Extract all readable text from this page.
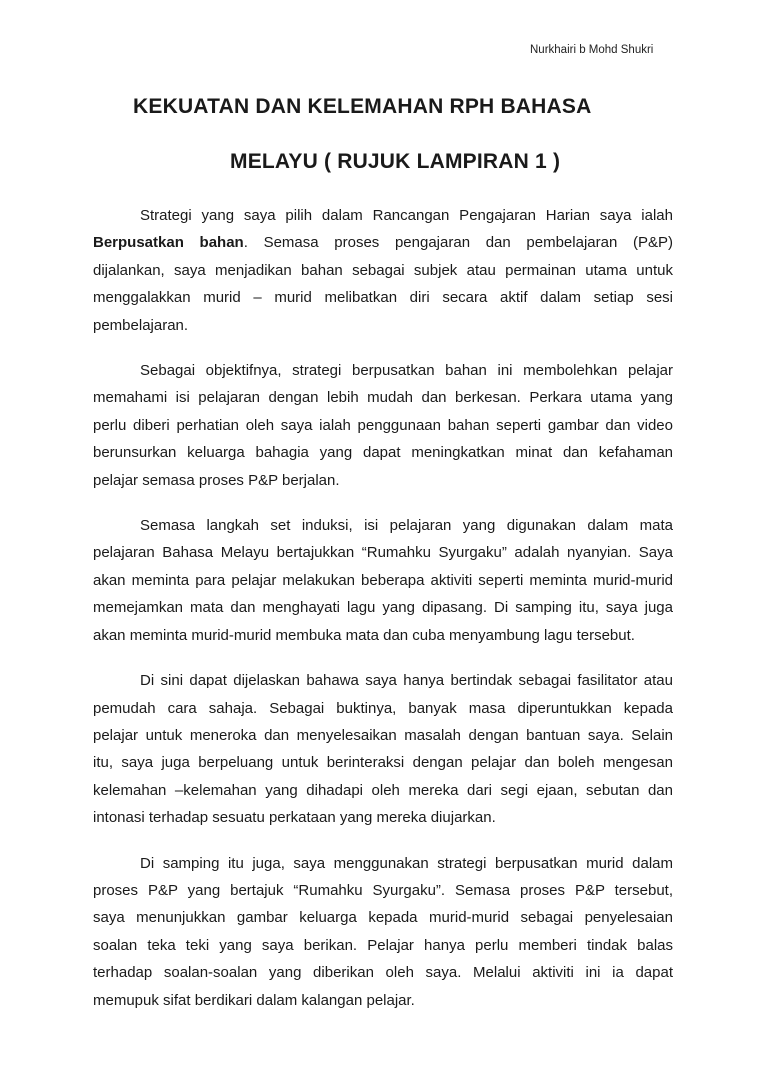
Nurkhairi b Mohd Shukri
KEKUATAN DAN KELEMAHAN RPH BAHASA
MELAYU ( RUJUK LAMPIRAN 1 )
Strategi yang saya pilih dalam Rancangan Pengajaran Harian saya ialah
Berpusatkan bahan. Semasa proses pengajaran dan pembelajaran (P&P)
dijalankan, saya menjadikan bahan sebagai subjek atau permainan utama untuk
menggalakkan murid – murid melibatkan diri secara aktif dalam setiap sesi
pembelajaran.
Sebagai objektifnya, strategi berpusatkan bahan ini membolehkan pelajar
memahami isi pelajaran dengan lebih mudah dan berkesan. Perkara utama yang
perlu diberi perhatian oleh saya ialah penggunaan bahan seperti gambar dan video
berunsurkan keluarga bahagia yang dapat meningkatkan minat dan kefahaman
pelajar semasa proses P&P berjalan.
Semasa langkah set induksi, isi pelajaran yang digunakan dalam mata
pelajaran Bahasa Melayu bertajukkan “Rumahku Syurgaku” adalah nyanyian. Saya
akan meminta para pelajar melakukan beberapa aktiviti seperti meminta murid-murid
memejamkan mata dan menghayati lagu yang dipasang. Di samping itu, saya juga
akan meminta murid-murid membuka mata dan cuba menyambung lagu tersebut.
Di sini dapat dijelaskan bahawa saya hanya bertindak sebagai fasilitator atau
pemudah cara sahaja. Sebagai buktinya, banyak masa diperuntukkan kepada
pelajar untuk meneroka dan menyelesaikan masalah dengan bantuan saya. Selain
itu, saya juga berpeluang untuk berinteraksi dengan pelajar dan boleh mengesan
kelemahan –kelemahan yang dihadapi oleh mereka dari segi ejaan, sebutan dan
intonasi terhadap sesuatu perkataan yang mereka diujarkan.
Di samping itu juga, saya menggunakan strategi berpusatkan murid dalam
proses P&P yang bertajuk “Rumahku Syurgaku”. Semasa proses P&P tersebut,
saya menunjukkan gambar keluarga kepada murid-murid sebagai penyelesaian
soalan teka teki yang saya berikan. Pelajar hanya perlu memberi tindak balas
terhadap soalan-soalan yang diberikan oleh saya. Melalui aktiviti ini ia dapat
memupuk sifat berdikari dalam kalangan pelajar.
